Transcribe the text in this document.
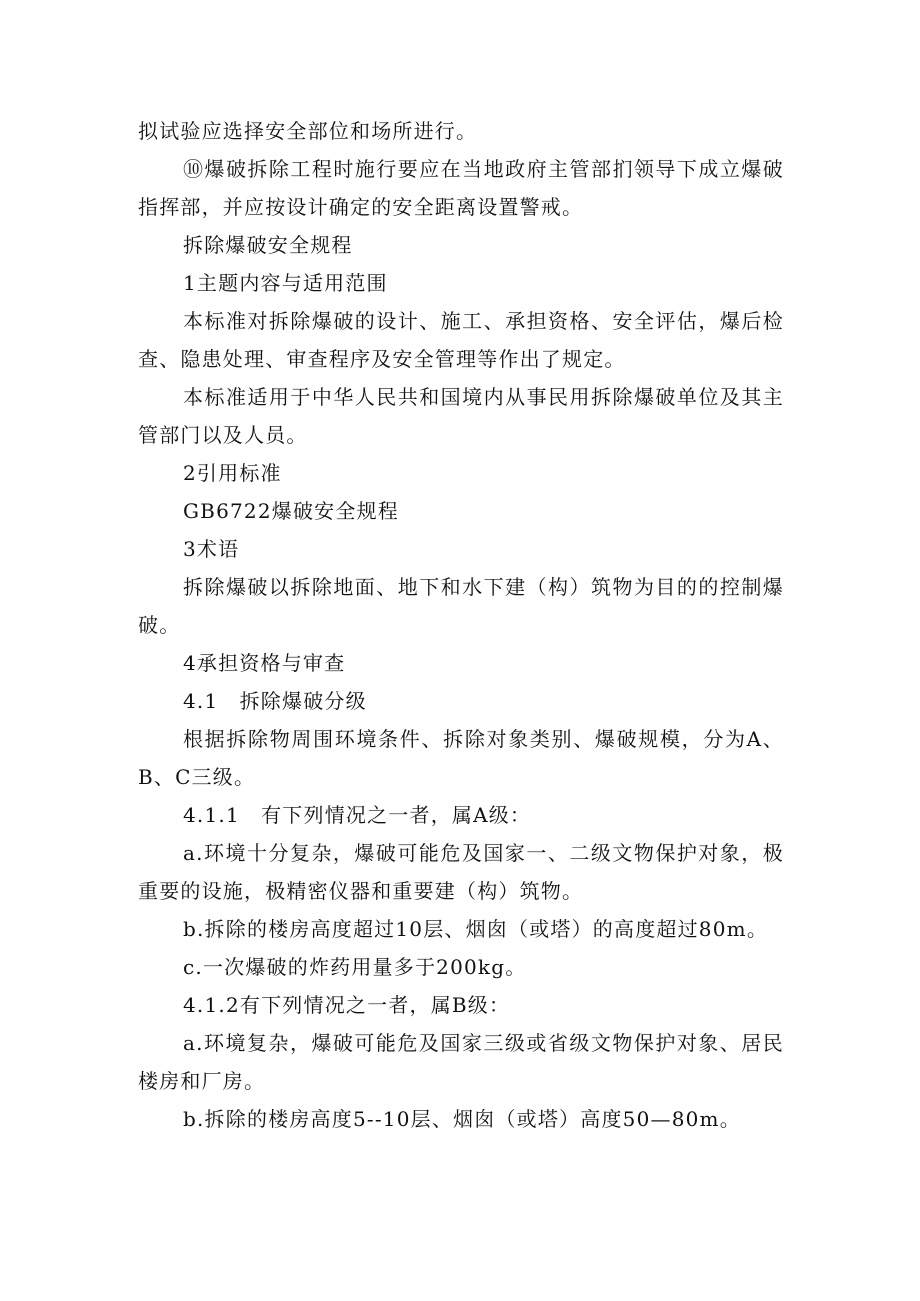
拟试验应选择安全部位和场所进行。

⑩爆破拆除工程时施行要应在当地政府主管部扪领导下成立爆破指挥部，并应按设计确定的安全距离设置警戒。

拆除爆破安全规程

1主题内容与适用范围

本标准对拆除爆破的设计、施工、承担资格、安全评估，爆后检查、隐患处理、审查程序及安全管理等作出了规定。

本标准适用于中华人民共和国境内从事民用拆除爆破单位及其主管部门以及人员。

2引用标准

GB6722爆破安全规程

3术语

拆除爆破以拆除地面、地下和水下建（构）筑物为目的的控制爆破。

4承担资格与审查

4.1　拆除爆破分级

根据拆除物周围环境条件、拆除对象类别、爆破规模，分为A、B、C三级。

4.1.1　有下列情况之一者，属A级：

a.环境十分复杂，爆破可能危及国家一、二级文物保护对象，极重要的设施，极精密仪器和重要建（构）筑物。

b.拆除的楼房高度超过10层、烟囱（或塔）的高度超过80m。

c.一次爆破的炸药用量多于200kg。

4.1.2有下列情况之一者，属B级：

a.环境复杂，爆破可能危及国家三级或省级文物保护对象、居民楼房和厂房。

b.拆除的楼房高度5--10层、烟囱（或塔）高度50—80m。
